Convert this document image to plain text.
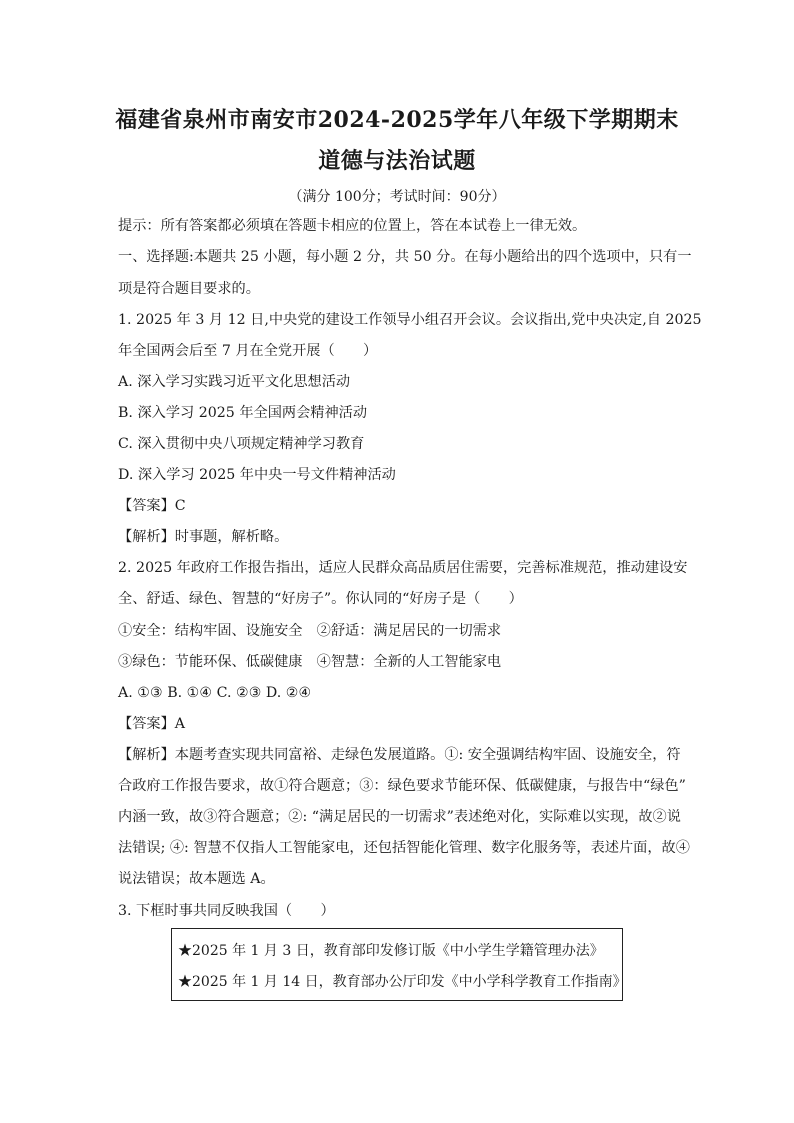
福建省泉州市南安市2024-2025学年八年级下学期期末
道德与法治试题
（满分 100分；考试时间：90分）
提示：所有答案都必须填在答题卡相应的位置上，答在本试卷上一律无效。
一、选择题:本题共 25 小题，每小题 2 分，共 50 分。在每小题给出的四个选项中，只有一
项是符合题目要求的。
1. 2025 年 3 月 12 日,中央党的建设工作领导小组召开会议。会议指出,党中央决定,自 2025
年全国两会后至 7 月在全党开展（　　）
A. 深入学习实践习近平文化思想活动
B. 深入学习 2025 年全国两会精神活动
C. 深入贯彻中央八项规定精神学习教育
D. 深入学习 2025 年中央一号文件精神活动
【答案】C
【解析】时事题，解析略。
2. 2025 年政府工作报告指出，适应人民群众高品质居住需要，完善标准规范，推动建设安
全、舒适、绿色、智慧的“好房子”。你认同的“好房子是（　　）
①安全：结构牢固、设施安全　②舒适：满足居民的一切需求
③绿色：节能环保、低碳健康　④智慧：全新的人工智能家电
A. ①③ B. ①④ C. ②③ D. ②④
【答案】A
【解析】本题考查实现共同富裕、走绿色发展道路。①: 安全强调结构牢固、设施安全，符
合政府工作报告要求，故①符合题意；③：绿色要求节能环保、低碳健康，与报告中“绿色”
内涵一致，故③符合题意；②: “满足居民的一切需求”表述绝对化，实际难以实现，故②说
法错误; ④: 智慧不仅指人工智能家电，还包括智能化管理、数字化服务等，表述片面，故④
说法错误；故本题选 A。
3. 下框时事共同反映我国（　　）
★2025 年 1 月 3 日，教育部印发修订版《中小学生学籍管理办法》
★2025 年 1 月 14 日，教育部办公厅印发《中小学科学教育工作指南》
